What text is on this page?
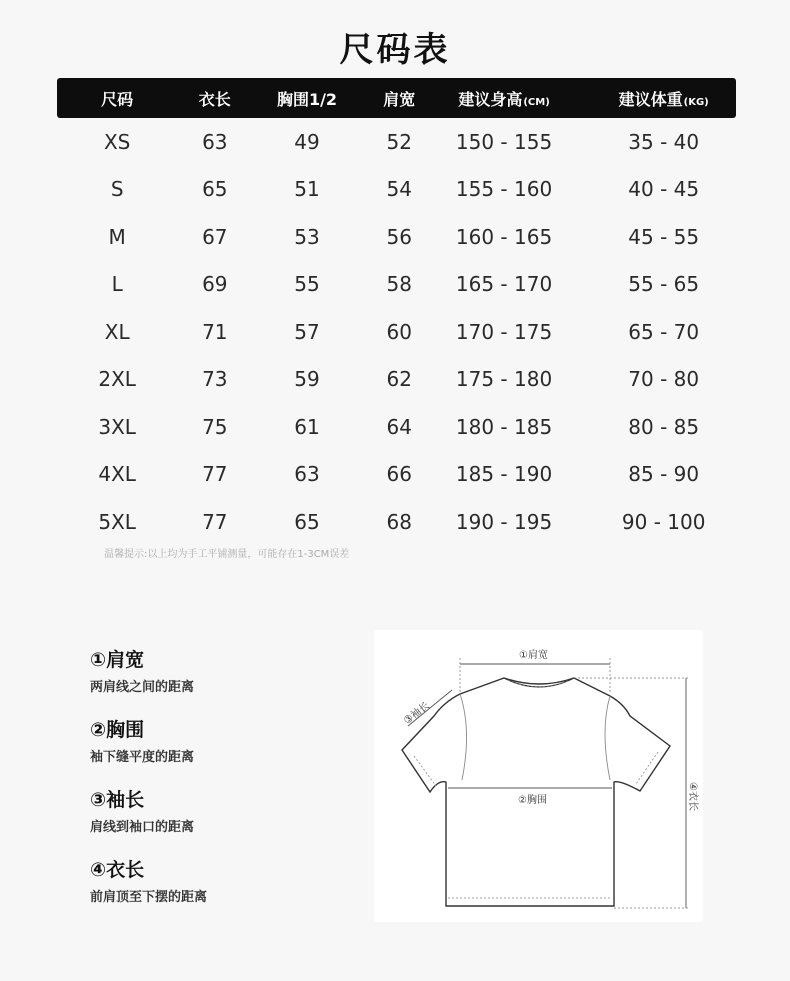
尺码表
尺码	衣长	胸围1/2	肩宽	建议身高 (CM)	建议体重 (KG)
XS	63	49	52	150 - 155	35 - 40
S	65	51	54	155 - 160	40 - 45
M	67	53	56	160 - 165	45 - 55
L	69	55	58	165 - 170	55 - 65
XL	71	57	60	170 - 175	65 - 70
2XL	73	59	62	175 - 180	70 - 80
3XL	75	61	64	180 - 185	80 - 85
4XL	77	63	66	185 - 190	85 - 90
5XL	77	65	68	190 - 195	90 - 100
温馨提示:以上均为手工平铺测量，可能存在1-3CM误差
①肩宽
两肩线之间的距离
②胸围
袖下缝平度的距离
③袖长
肩线到袖口的距离
④衣长
前肩顶至下摆的距离
①肩宽
③袖长
②胸围	④衣长
